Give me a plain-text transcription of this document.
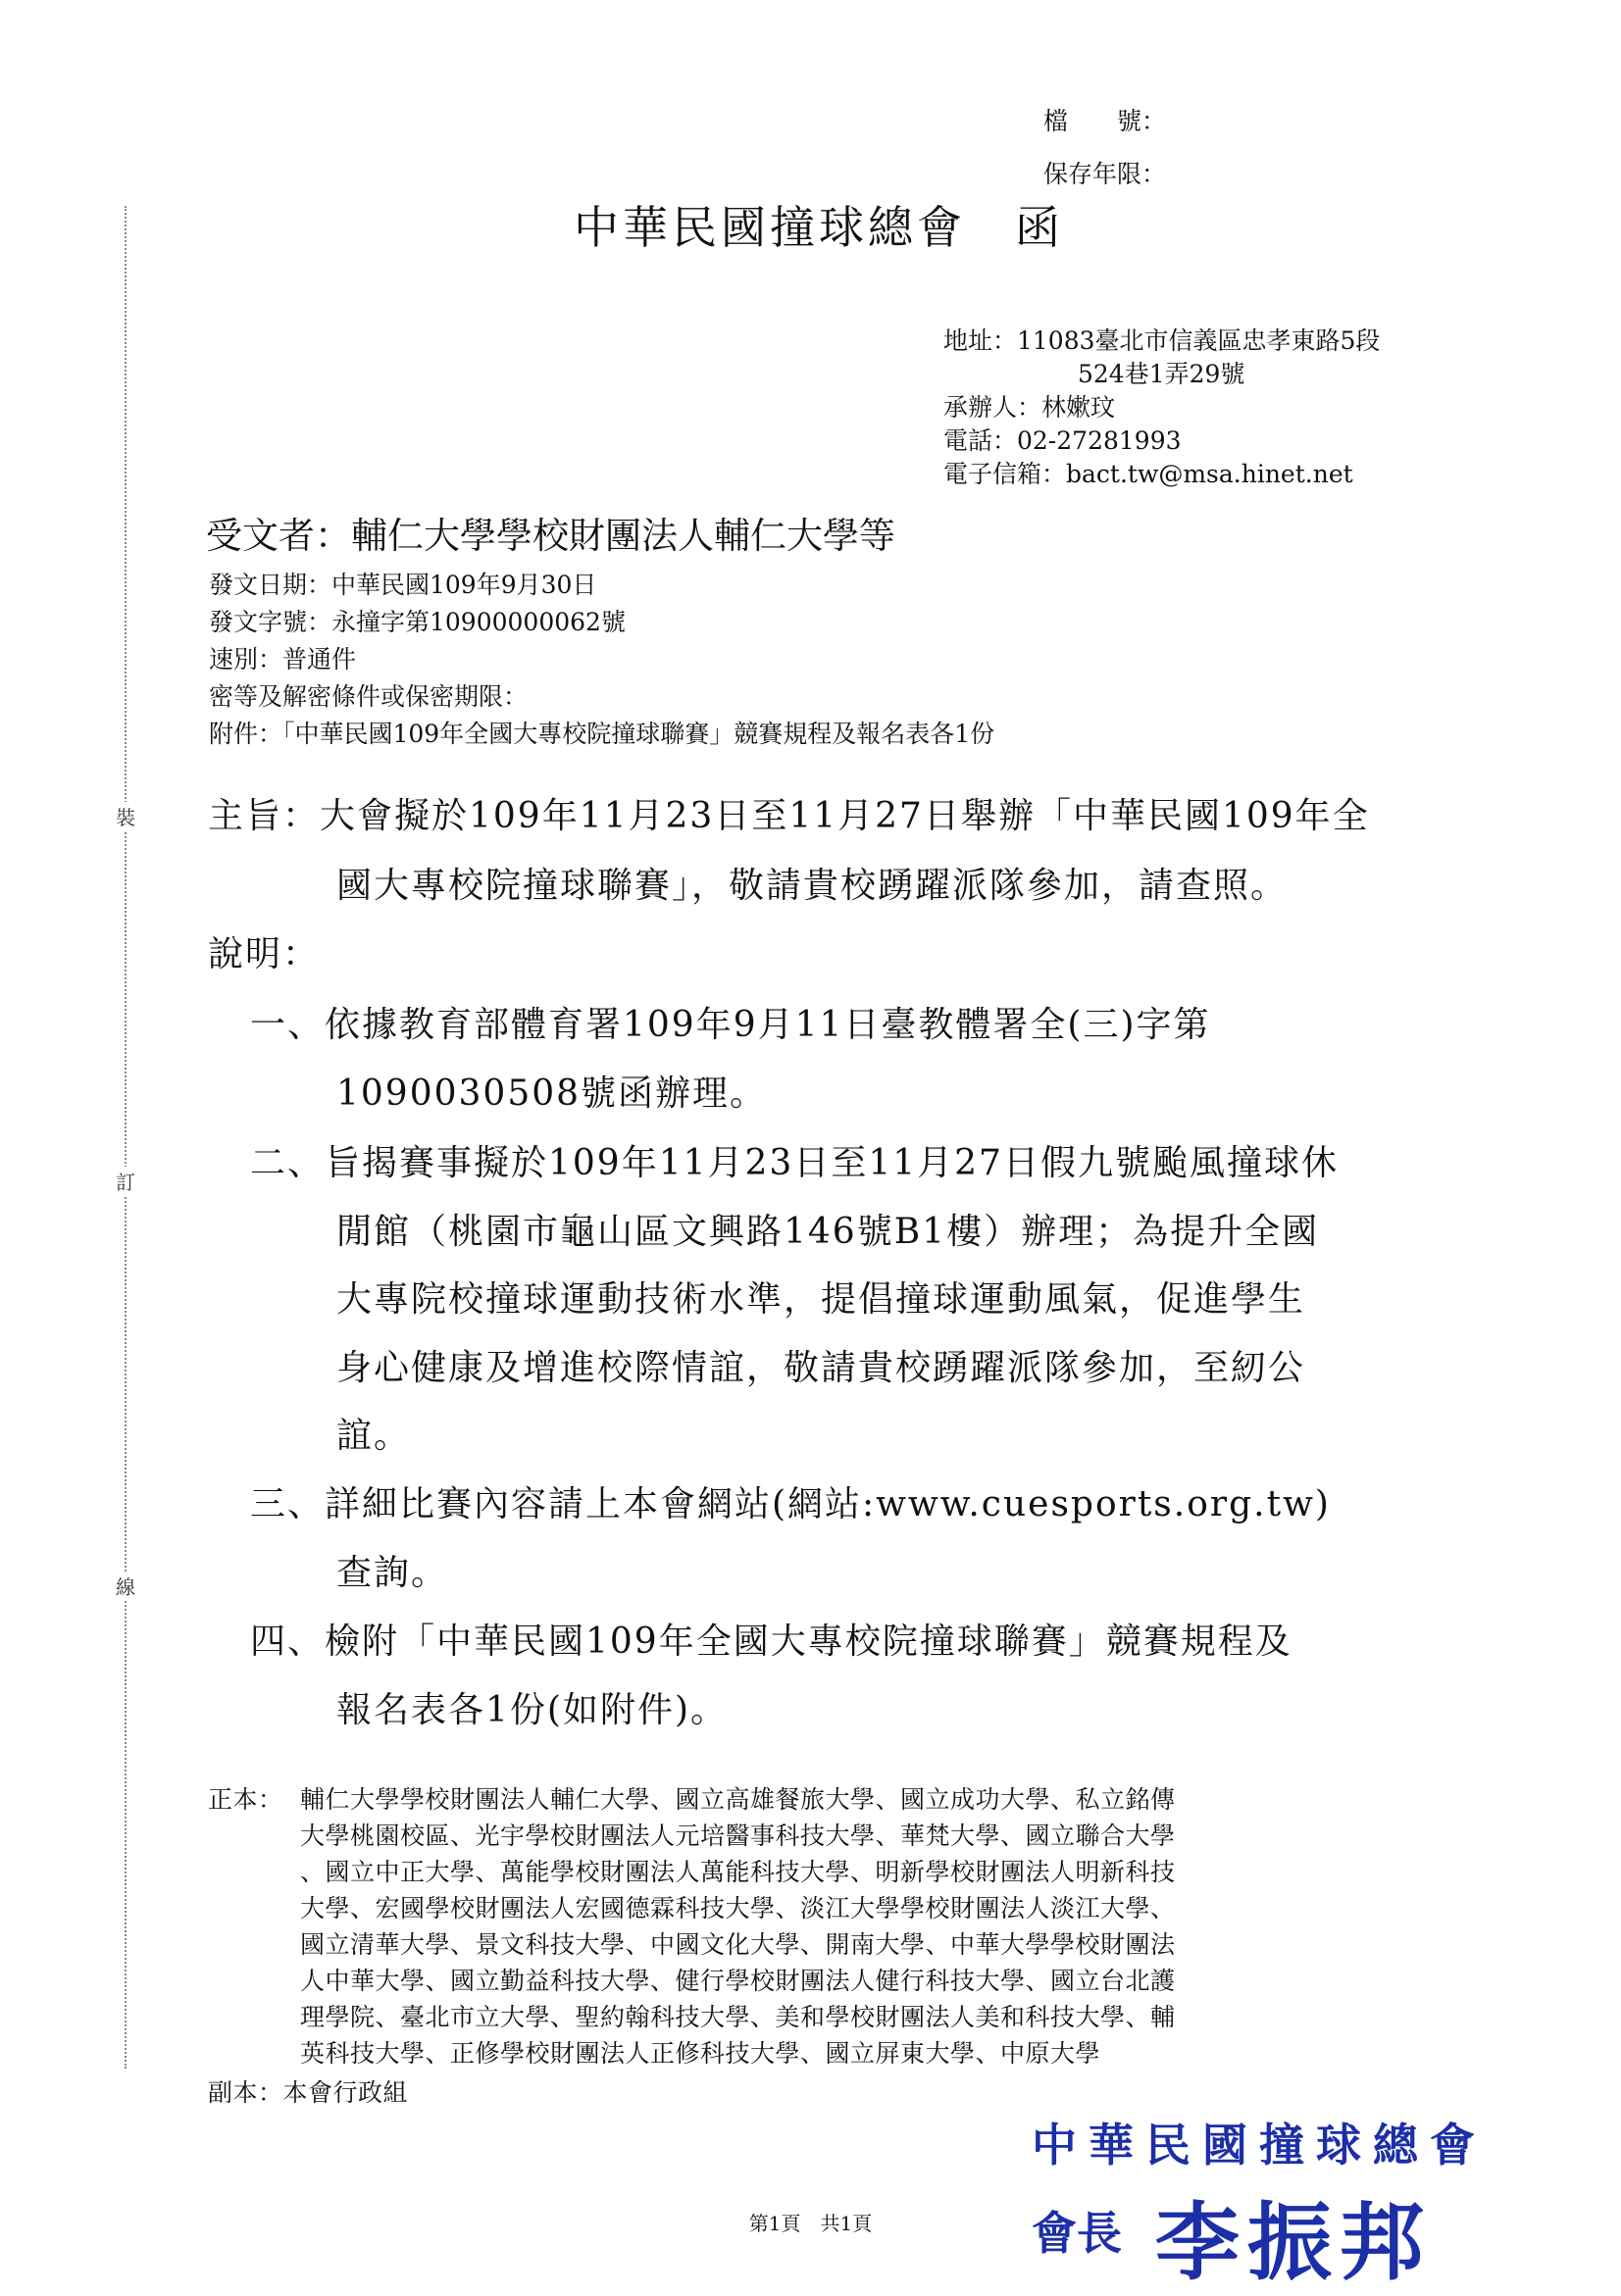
裝
訂
線
檔　　號：
保存年限：
中華民國撞球總會　函
地址：11083臺北市信義區忠孝東路5段
524巷1弄29號
承辦人：林嫰玟
電話：02-27281993
電子信箱：bact.tw@msa.hinet.net
受文者：輔仁大學學校財團法人輔仁大學等
發文日期：中華民國109年9月30日
發文字號：永撞字第10900000062號
速別：普通件
密等及解密條件或保密期限：
附件：「中華民國109年全國大專校院撞球聯賽」競賽規程及報名表各1份
主旨：大會擬於109年11月23日至11月27日舉辦「中華民國109年全
國大專校院撞球聯賽」，敬請貴校踴躍派隊參加，請查照。
說明：
一、依據教育部體育署109年9月11日臺教體署全(三)字第
1090030508號函辦理。
二、旨揭賽事擬於109年11月23日至11月27日假九號颱風撞球休
閒館（桃園市龜山區文興路146號B1樓）辦理；為提升全國
大專院校撞球運動技術水準，提倡撞球運動風氣，促進學生
身心健康及增進校際情誼，敬請貴校踴躍派隊參加，至紉公
誼。
三、詳細比賽內容請上本會網站(網站:www.cuesports.org.tw)
查詢。
四、檢附「中華民國109年全國大專校院撞球聯賽」競賽規程及
報名表各1份(如附件)。
正本： 輔仁大學學校財團法人輔仁大學、國立高雄餐旅大學、國立成功大學、私立銘傳
大學桃園校區、光宇學校財團法人元培醫事科技大學、華梵大學、國立聯合大學
、國立中正大學、萬能學校財團法人萬能科技大學、明新學校財團法人明新科技
大學、宏國學校財團法人宏國德霖科技大學、淡江大學學校財團法人淡江大學、
國立清華大學、景文科技大學、中國文化大學、開南大學、中華大學學校財團法
人中華大學、國立勤益科技大學、健行學校財團法人健行科技大學、國立台北護
理學院、臺北市立大學、聖約翰科技大學、美和學校財團法人美和科技大學、輔
英科技大學、正修學校財團法人正修科技大學、國立屏東大學、中原大學
副本：本會行政組
中華民國撞球總會
會長 李振邦
第1頁　共1頁
